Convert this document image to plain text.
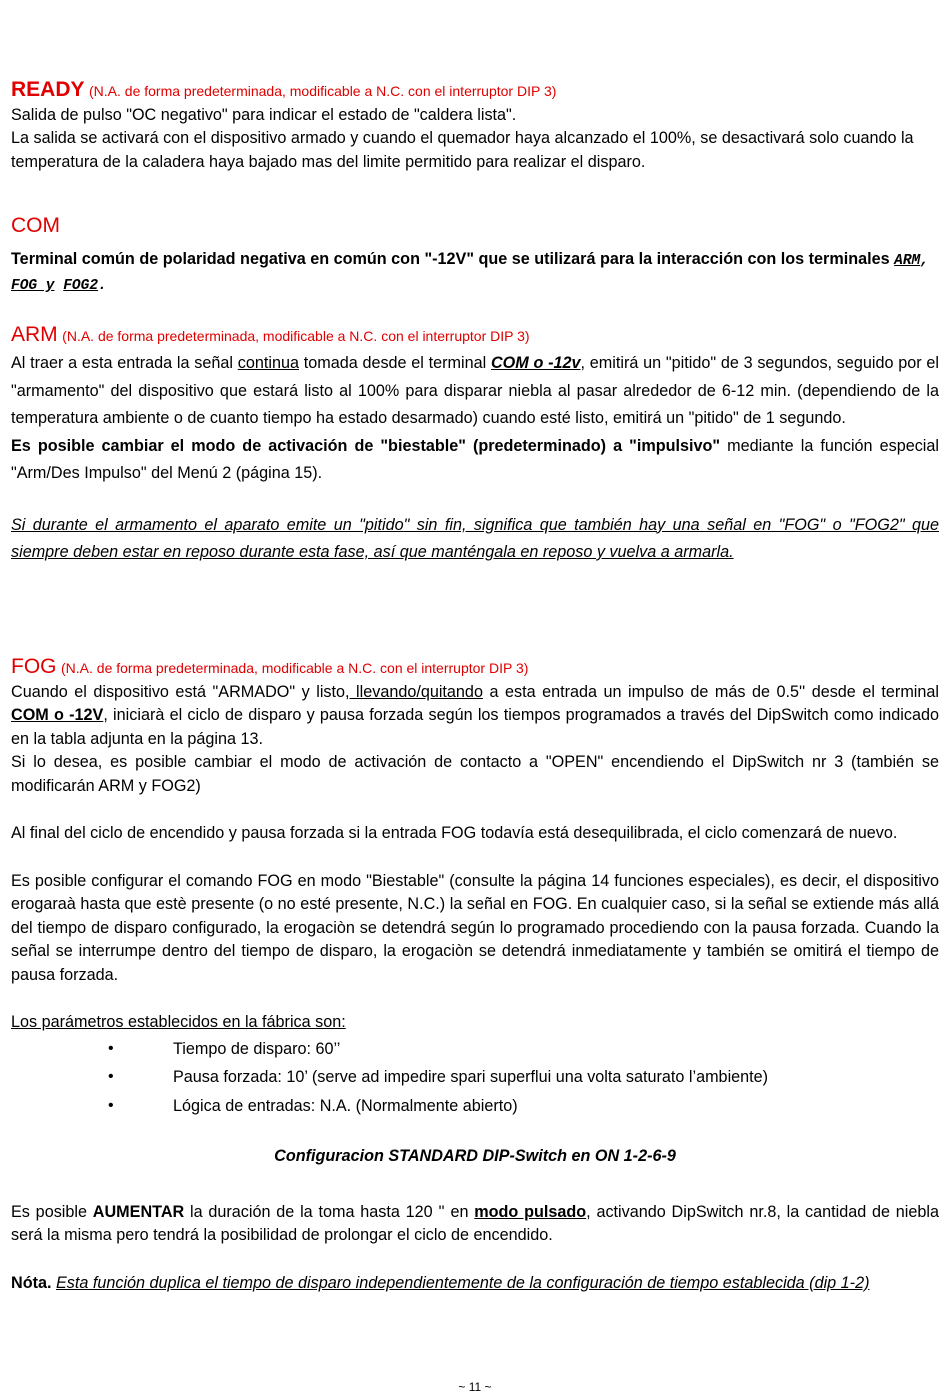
READY (N.A. de forma predeterminada, modificable a N.C. con el interruptor DIP 3)

Salida de pulso "OC negativo" para indicar el estado de "caldera lista".

La salida se activará con el dispositivo armado y cuando el quemador haya alcanzado el 100%, se desactivará solo cuando la temperatura de la caladera haya bajado mas del limite permitido para realizar el disparo.

COM

Terminal común de polaridad negativa en común con "-12V" que se utilizará para la interacción con los terminales ARM, FOG y FOG2.

ARM (N.A. de forma predeterminada, modificable a N.C. con el interruptor DIP 3)

Al traer a esta entrada la señal continua tomada desde el terminal COM o -12v, emitirá un "pitido" de 3 segundos, seguido por el "armamento" del dispositivo que estará listo al 100% para disparar niebla al pasar alrededor de 6-12 min. (dependiendo de la temperatura ambiente o de cuanto tiempo ha estado desarmado) cuando esté listo, emitirá un "pitido" de 1 segundo.

Es posible cambiar el modo de activación de "biestable" (predeterminado) a "impulsivo" mediante la función especial "Arm/Des Impulso" del Menú 2 (página 15).

Si durante el armamento el aparato emite un "pitido" sin fin, significa que también hay una señal en "FOG" o "FOG2" que siempre deben estar en reposo durante esta fase, así que manténgala en reposo y vuelva a armarla.

FOG (N.A. de forma predeterminada, modificable a N.C. con el interruptor DIP 3)

Cuando el dispositivo está "ARMADO" y listo, llevando/quitando a esta entrada un impulso de más de 0.5'' desde el terminal COM o -12V, iniciarà el ciclo de disparo y pausa forzada según los tiempos programados a través del DipSwitch como indicado en la tabla adjunta en la página 13.

Si lo desea, es posible cambiar el modo de activación de contacto a "OPEN" encendiendo el DipSwitch nr 3 (también se modificarán ARM y FOG2)

Al final del ciclo de encendido y pausa forzada si la entrada FOG todavía está desequilibrada, el ciclo comenzará de nuevo.

Es posible configurar el comando FOG en modo "Biestable" (consulte la página 14 funciones especiales), es decir, el dispositivo erogaraà hasta que estè presente (o no esté presente, N.C.) la señal en FOG. En cualquier caso, si la señal se extiende más allá del tiempo de disparo configurado, la erogaciòn se detendrá según lo programado procediendo con la pausa forzada. Cuando la señal se interrumpe dentro del tiempo de disparo, la erogaciòn se detendrá inmediatamente y también se omitirá el tiempo de pausa forzada.

Los parámetros establecidos en la fábrica son:

•	Tiempo de disparo: 60’’
•	Pausa forzada: 10’ (serve ad impedire spari superflui una volta saturato l’ambiente)
•	Lógica de entradas: N.A. (Normalmente abierto)

Configuracion STANDARD DIP-Switch en ON 1-2-6-9

Es posible AUMENTAR la duración de la toma hasta 120 '' en modo pulsado, activando DipSwitch nr.8, la cantidad de niebla será la misma pero tendrá la posibilidad de prolongar el ciclo de encendido.

Nóta. Esta función duplica el tiempo de disparo independientemente de la configuración de tiempo establecida (dip 1-2)

~ 11 ~
